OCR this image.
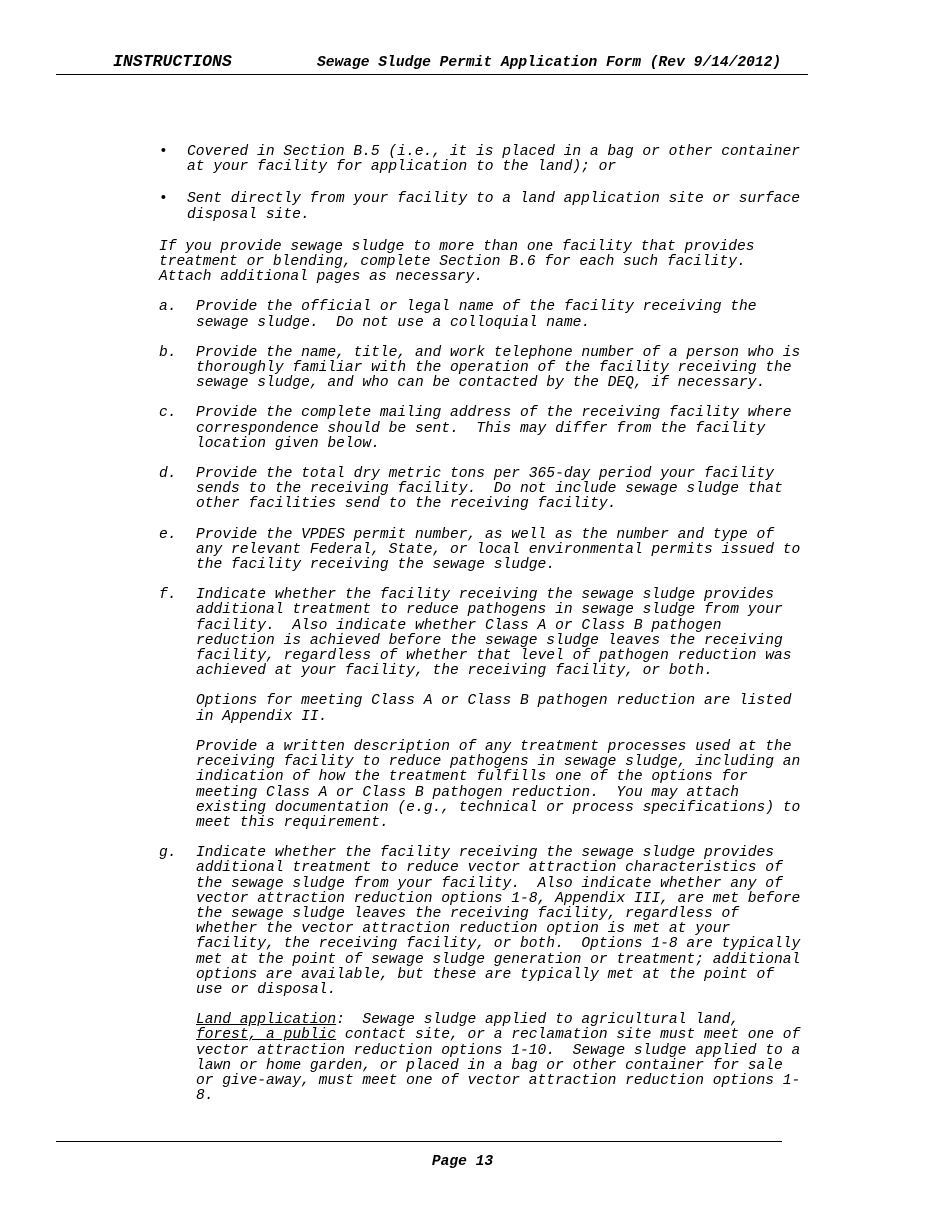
INSTRUCTIONS	Sewage Sludge Permit Application Form (Rev 9/14/2012)
• Covered in Section B.5 (i.e., it is placed in a bag or other container
at your facility for application to the land); or
• Sent directly from your facility to a land application site or surface
disposal site.
If you provide sewage sludge to more than one facility that provides
treatment or blending, complete Section B.6 for each such facility.
Attach additional pages as necessary.
a. Provide the official or legal name of the facility receiving the
sewage sludge.  Do not use a colloquial name.
b. Provide the name, title, and work telephone number of a person who is
thoroughly familiar with the operation of the facility receiving the
sewage sludge, and who can be contacted by the DEQ, if necessary.
c. Provide the complete mailing address of the receiving facility where
correspondence should be sent.  This may differ from the facility
location given below.
d. Provide the total dry metric tons per 365-day period your facility
sends to the receiving facility.  Do not include sewage sludge that
other facilities send to the receiving facility.
e. Provide the VPDES permit number, as well as the number and type of
any relevant Federal, State, or local environmental permits issued to
the facility receiving the sewage sludge.
f. Indicate whether the facility receiving the sewage sludge provides
additional treatment to reduce pathogens in sewage sludge from your
facility.  Also indicate whether Class A or Class B pathogen
reduction is achieved before the sewage sludge leaves the receiving
facility, regardless of whether that level of pathogen reduction was
achieved at your facility, the receiving facility, or both.
Options for meeting Class A or Class B pathogen reduction are listed
in Appendix II.
Provide a written description of any treatment processes used at the
receiving facility to reduce pathogens in sewage sludge, including an
indication of how the treatment fulfills one of the options for
meeting Class A or Class B pathogen reduction.  You may attach
existing documentation (e.g., technical or process specifications) to
meet this requirement.
g. Indicate whether the facility receiving the sewage sludge provides
additional treatment to reduce vector attraction characteristics of
the sewage sludge from your facility.  Also indicate whether any of
vector attraction reduction options 1-8, Appendix III, are met before
the sewage sludge leaves the receiving facility, regardless of
whether the vector attraction reduction option is met at your
facility, the receiving facility, or both.  Options 1-8 are typically
met at the point of sewage sludge generation or treatment; additional
options are available, but these are typically met at the point of
use or disposal.
Land application:  Sewage sludge applied to agricultural land,
forest, a public contact site, or a reclamation site must meet one of
vector attraction reduction options 1-10.  Sewage sludge applied to a
lawn or home garden, or placed in a bag or other container for sale
or give-away, must meet one of vector attraction reduction options 1-
8.
Page 13
